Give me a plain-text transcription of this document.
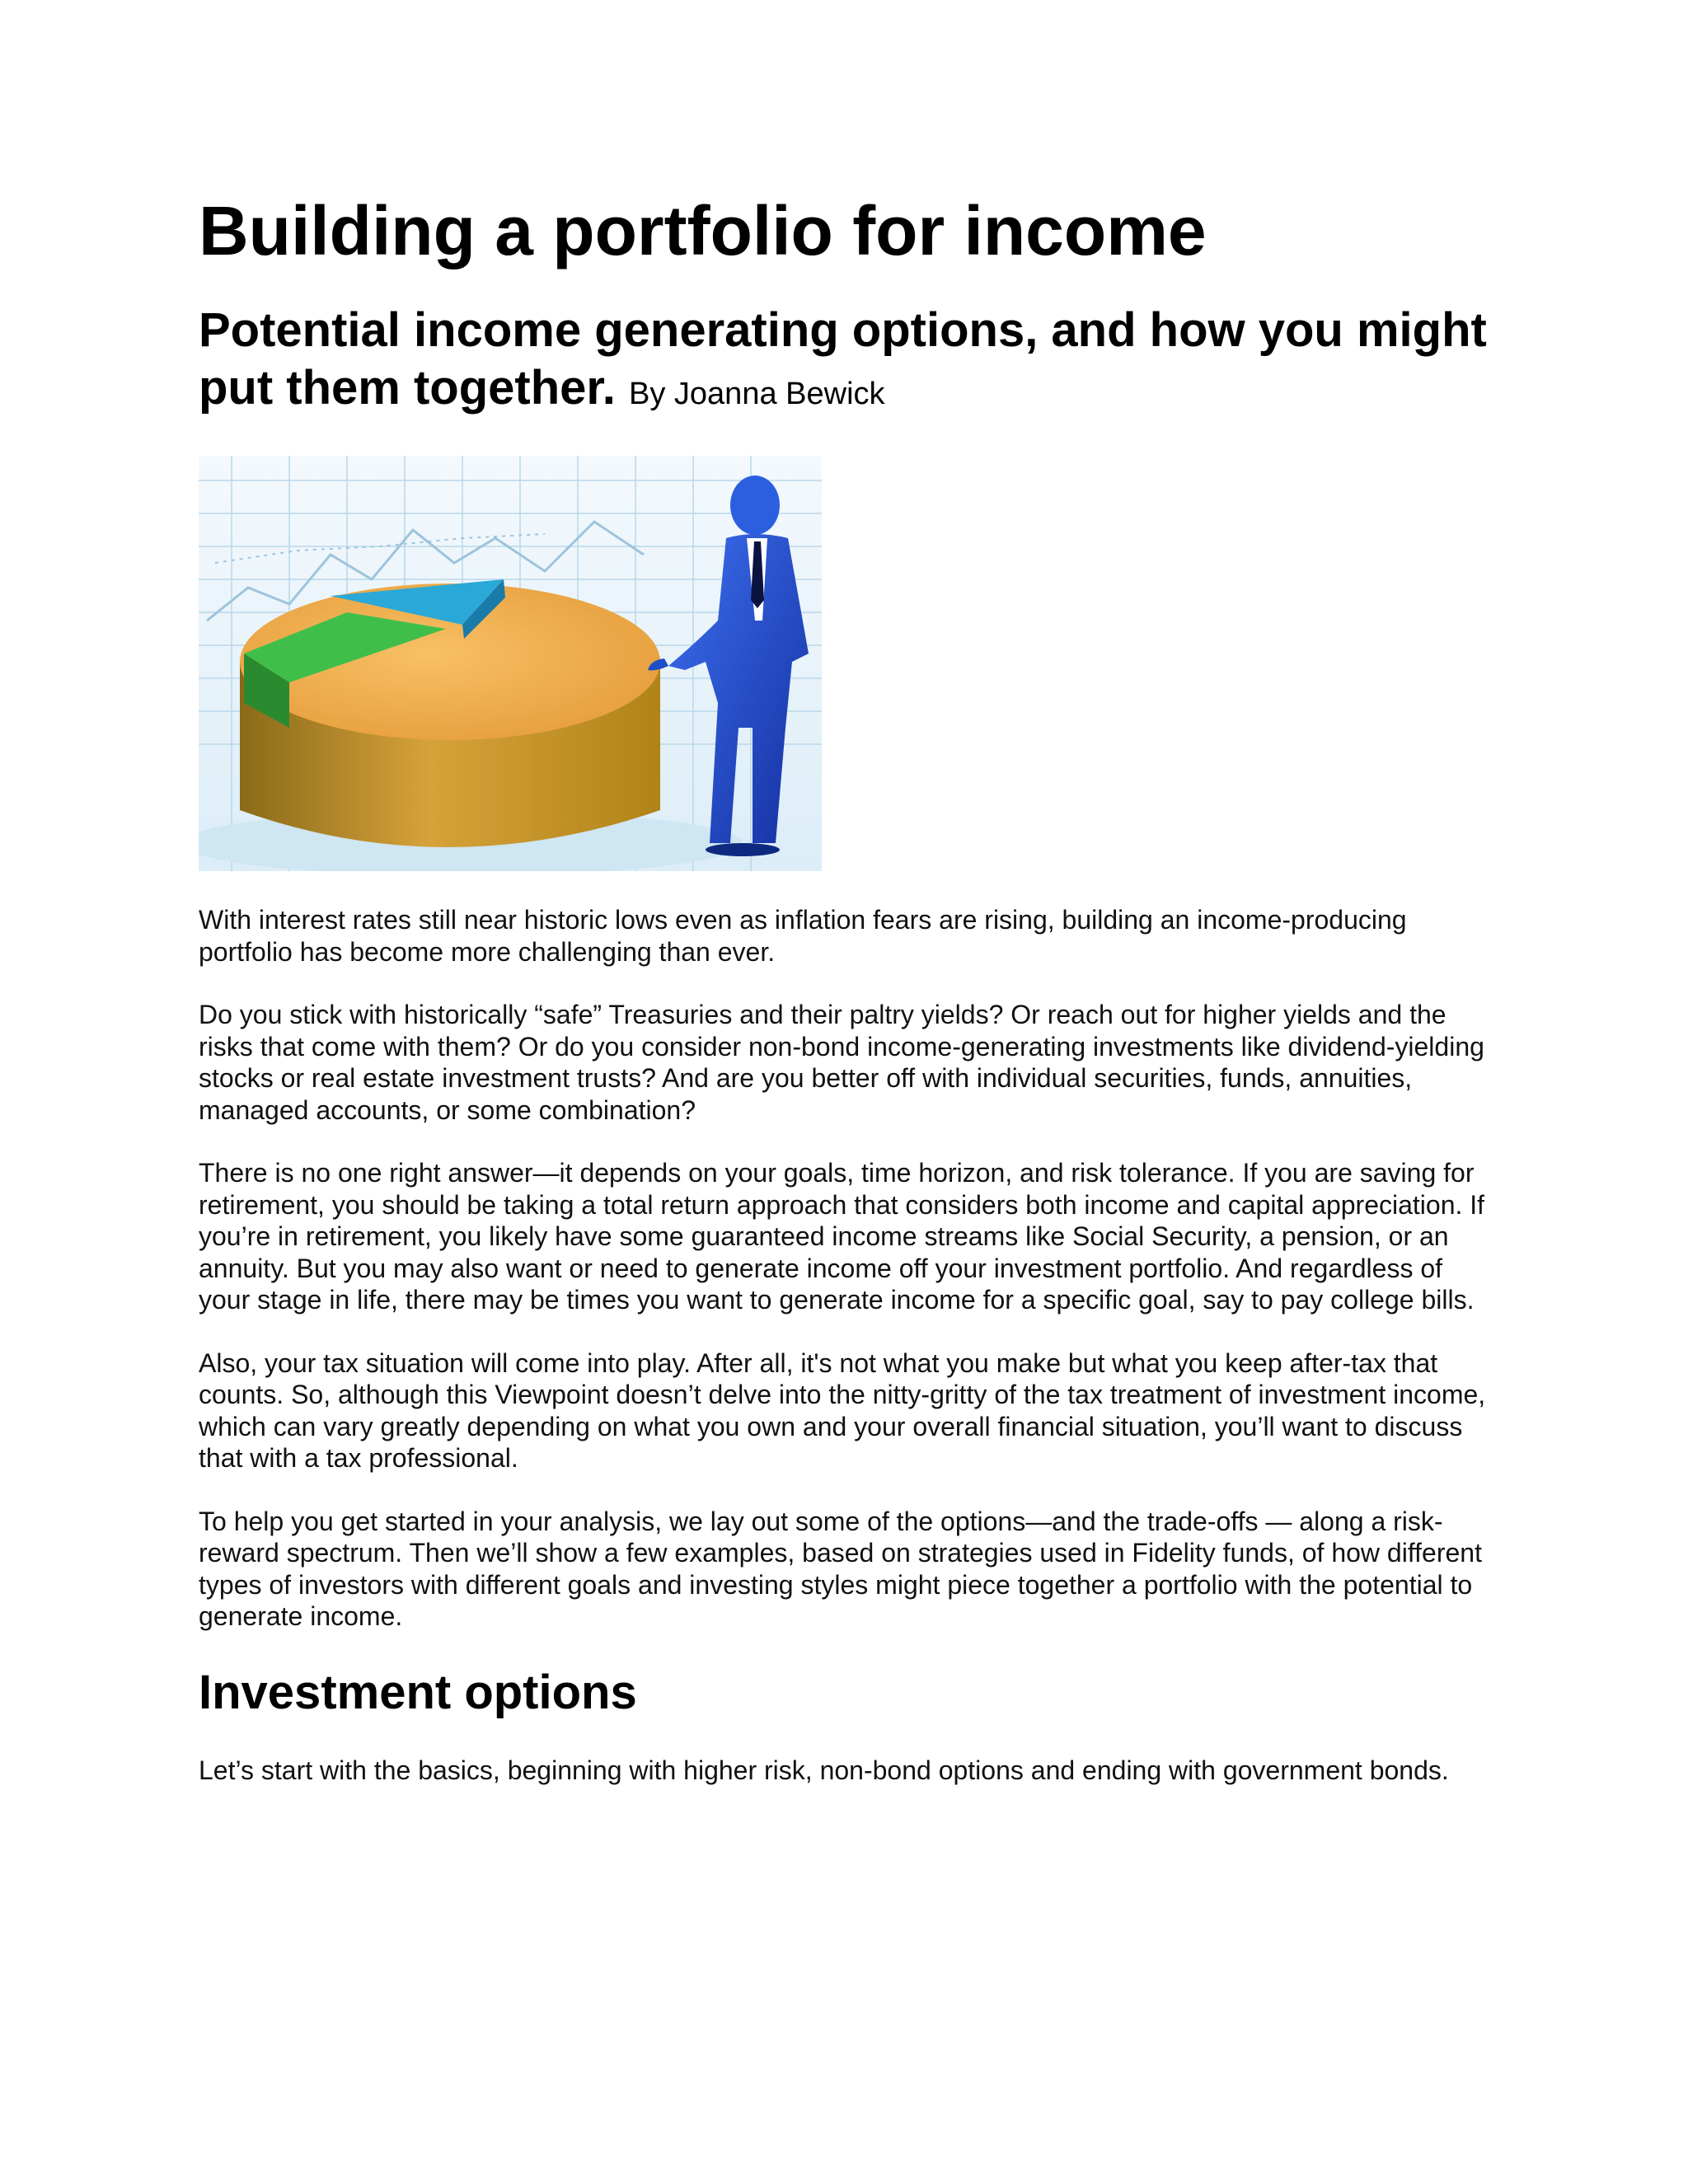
Building a portfolio for income
Potential income generating options, and how you might put them together. By Joanna Bewick

With interest rates still near historic lows even as inflation fears are rising, building an income-producing portfolio has become more challenging than ever.

Do you stick with historically “safe” Treasuries and their paltry yields? Or reach out for higher yields and the risks that come with them? Or do you consider non-bond income-generating investments like dividend-yielding stocks or real estate investment trusts? And are you better off with individual securities, funds, annuities, managed accounts, or some combination?

There is no one right answer—it depends on your goals, time horizon, and risk tolerance. If you are saving for retirement, you should be taking a total return approach that considers both income and capital appreciation. If you’re in retirement, you likely have some guaranteed income streams like Social Security, a pension, or an annuity. But you may also want or need to generate income off your investment portfolio. And regardless of your stage in life, there may be times you want to generate income for a specific goal, say to pay college bills.

Also, your tax situation will come into play. After all, it's not what you make but what you keep after-tax that counts. So, although this Viewpoint doesn’t delve into the nitty-gritty of the tax treatment of investment income, which can vary greatly depending on what you own and your overall financial situation, you’ll want to discuss that with a tax professional.

To help you get started in your analysis, we lay out some of the options—and the trade-offs — along a risk-reward spectrum. Then we’ll show a few examples, based on strategies used in Fidelity funds, of how different types of investors with different goals and investing styles might piece together a portfolio with the potential to generate income.

Investment options

Let’s start with the basics, beginning with higher risk, non-bond options and ending with government bonds.
